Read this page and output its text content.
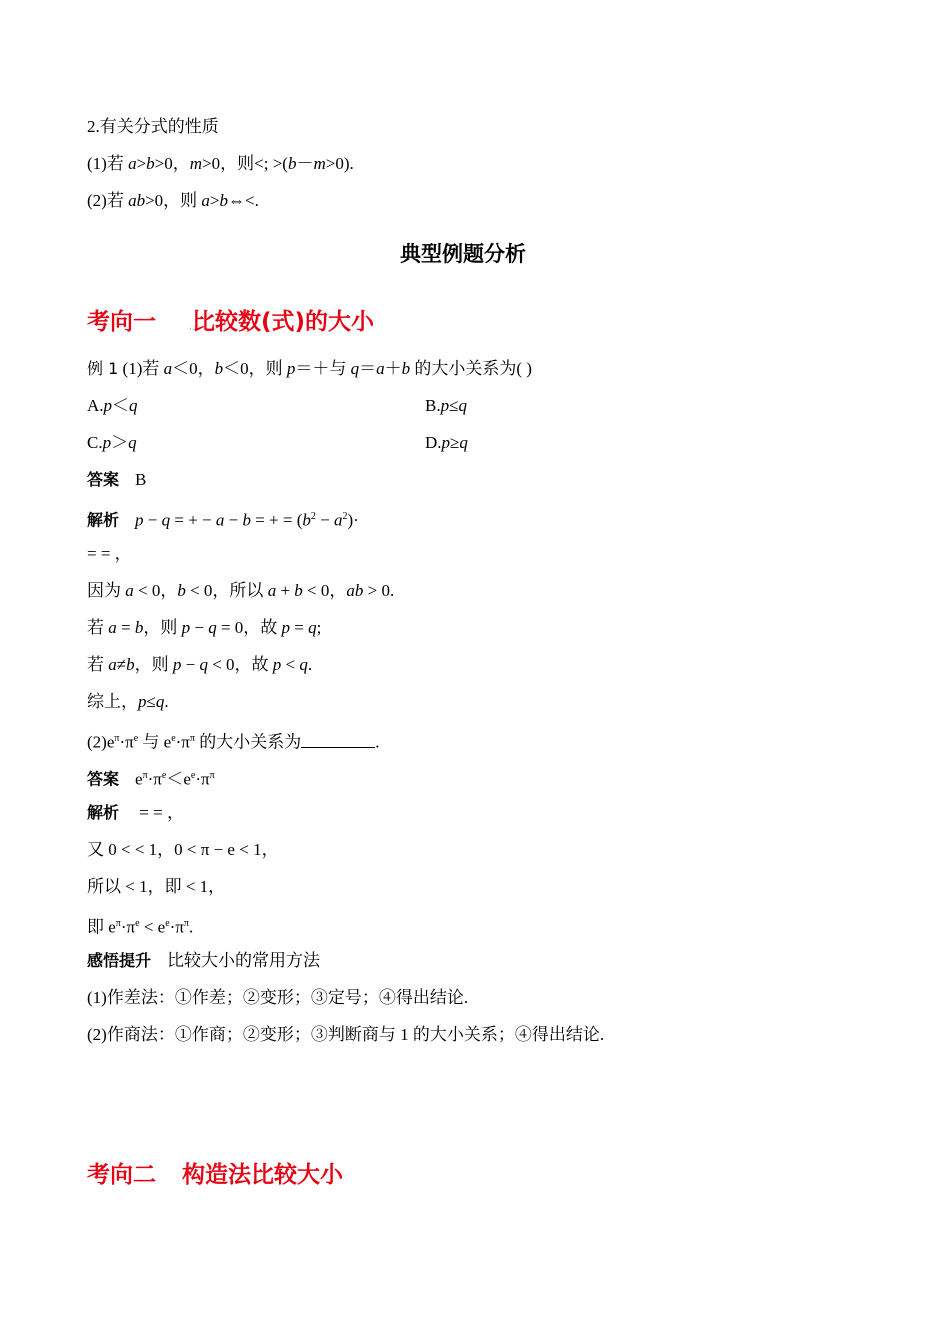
2.有关分式的性质
(1)若 a>b>0，m>0，则<; >(b－m>0).
(2)若 ab>0，则 a>b⇔<.
典型例题分析
考向一	.比较数(式)的大小
例 1 (1)若 a＜0，b＜0，则 p＝＋与 q＝a＋b 的大小关系为( )
A.p＜q	B.p≤q
C.p＞q	D.p≥q
答案 B
解析 p − q = + − a − b = + = $(b^2 - a^2)\cdot$
= = ，
因为 a < 0，b < 0，所以 a + b < 0，ab > 0.
若 a = b，则 p − q = 0，故 p = q;
若 a≠b，则 p − q < 0，故 p < q.
综上，p≤q.
$(2)e^\pi\cdot\pi^e$ 与 $e^e\cdot\pi^\pi$ 的大小关系为	.
答案 $e^\pi\cdot\pi^e<e^e\cdot\pi^\pi$
解析 = = ，
又 0 < < 1，0 < π − e < 1，
所以 < 1，即 < 1，
即 $e^\pi\cdot\pi^e < e^e\cdot\pi^\pi$.
感悟提升 比较大小的常用方法
(1)作差法：①作差；②变形；③定号；④得出结论.
(2)作商法：①作商；②变形；③判断商与 1 的大小关系；④得出结论.
考向二 构造法比较大小
